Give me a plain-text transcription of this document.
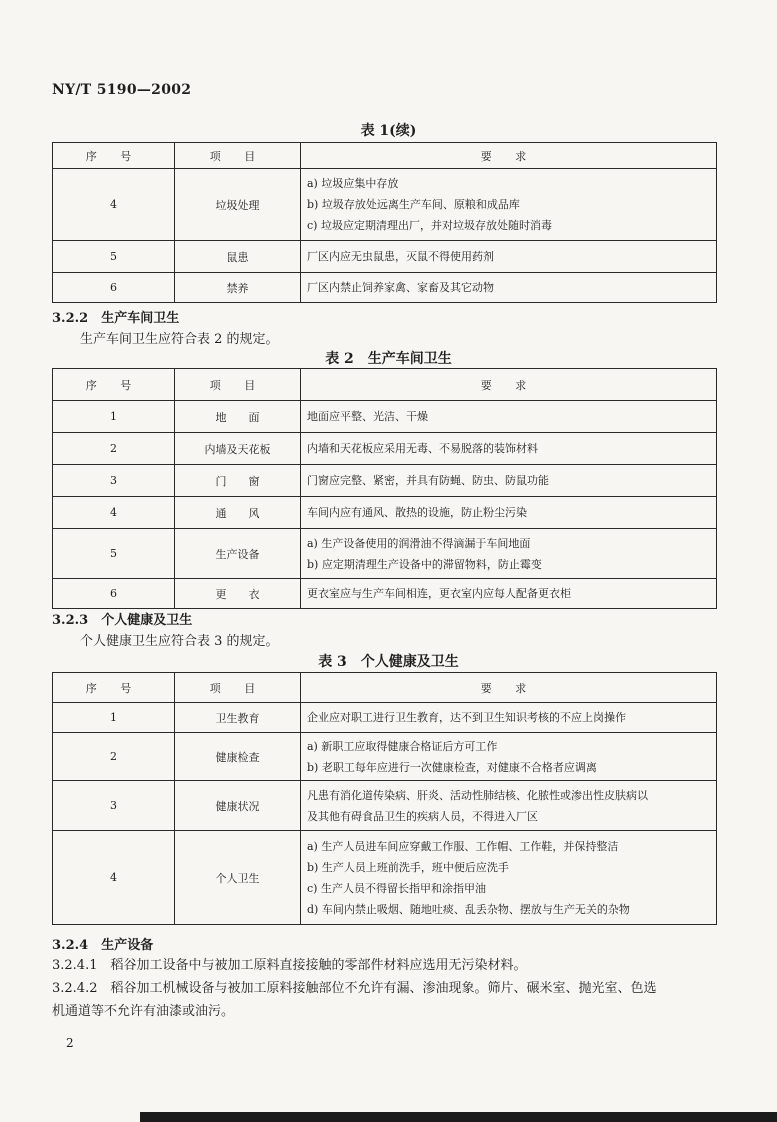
NY/T 5190—2002
表 1(续)
序 号	项 目	要 求
4	垃圾处理	a) 垃圾应集中存放
b) 垃圾存放处远离生产车间、原粮和成品库
c) 垃圾应定期清理出厂，并对垃圾存放处随时消毒

5	鼠患	厂区内应无虫鼠患，灭鼠不得使用药剂

6	禁养	厂区内禁止饲养家禽、家畜及其它动物
3.2.2　生产车间卫生
生产车间卫生应符合表 2 的规定。
表 2　生产车间卫生
序 号	项 目	要 求
1	地　　面	地面应平整、光洁、干燥

2	内墙及天花板	内墙和天花板应采用无毒、不易脱落的装饰材料

3	门　　窗	门窗应完整、紧密，并具有防蝇、防虫、防鼠功能

4	通　　风	车间内应有通风、散热的设施，防止粉尘污染

5	生产设备	a) 生产设备使用的润滑油不得滴漏于车间地面
b) 应定期清理生产设备中的滞留物料，防止霉变

6	更　　衣	更衣室应与生产车间相连，更衣室内应每人配备更衣柜
3.2.3　个人健康及卫生
个人健康卫生应符合表 3 的规定。
表 3　个人健康及卫生
序 号	项 目	要 求
1	卫生教育	企业应对职工进行卫生教育，达不到卫生知识考核的不应上岗操作

2	健康检查	a) 新职工应取得健康合格证后方可工作
b) 老职工每年应进行一次健康检查，对健康不合格者应调离

3	健康状况	凡患有消化道传染病、肝炎、活动性肺结核、化脓性或渗出性皮肤病以
及其他有碍食品卫生的疾病人员，不得进入厂区

4	个人卫生	a) 生产人员进车间应穿戴工作服、工作帽、工作鞋，并保持整洁
b) 生产人员上班前洗手，班中便后应洗手
c) 生产人员不得留长指甲和涂指甲油
d) 车间内禁止吸烟、随地吐痰、乱丢杂物、摆放与生产无关的杂物
3.2.4　生产设备
3.2.4.1　稻谷加工设备中与被加工原料直接接触的零部件材料应选用无污染材料。
3.2.4.2　稻谷加工机械设备与被加工原料接触部位不允许有漏、渗油现象。筛片、碾米室、抛光室、色选
机通道等不允许有油漆或油污。
2
